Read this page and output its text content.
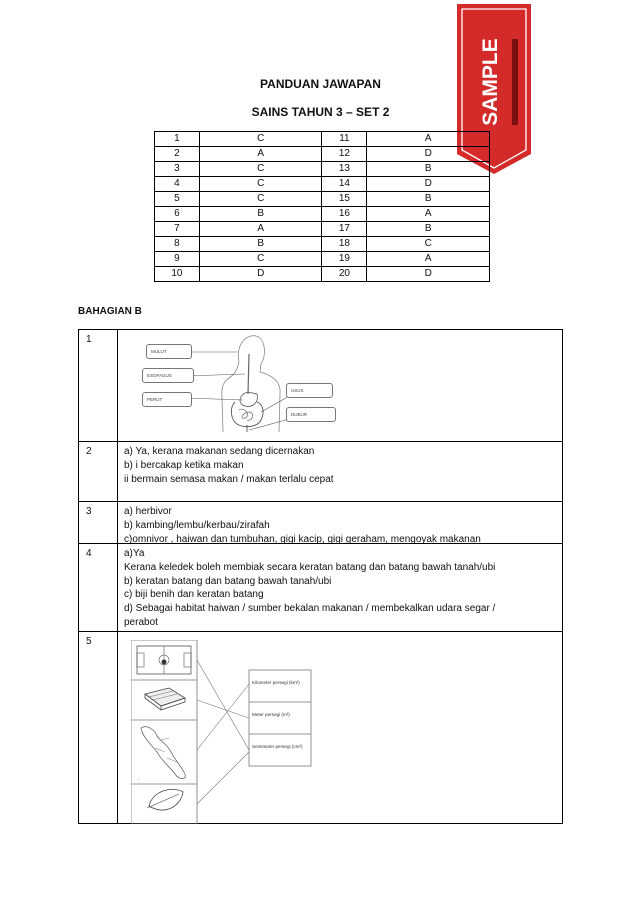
SAMPLE
PANDUAN JAWAPAN
SAINS TAHUN 3 – SET 2
1	C	11	A
2	A	12	D
3	C	13	B
4	C	14	D
5	C	15	B
6	B	16	A
7	A	17	B
8	B	18	C
9	C	19	A
10	D	20	D
BAHAGIAN B
1
MULUT
ESOFAGUS
PERUT
USUS
DUBUR
2	a) Ya, kerana makanan sedang dicernakan
b) i bercakap ketika makan
ii bermain semasa makan / makan terlalu cepat
3	a) herbivor
b) kambing/lembu/kerbau/zirafah
c)omnivor , haiwan dan tumbuhan, gigi kacip, gigi geraham, mengoyak makanan
4	a)Ya
Kerana keledek boleh membiak secara keratan batang dan batang bawah tanah/ubi
b) keratan batang dan batang bawah tanah/ubi
c) biji benih dan keratan batang
d) Sebagai habitat haiwan / sumber bekalan makanan / membekalkan udara segar /
perabot
5
—
Kilometer persegi (km²)
Meter persegi (m²)
Sentimeter persegi (cm²)
